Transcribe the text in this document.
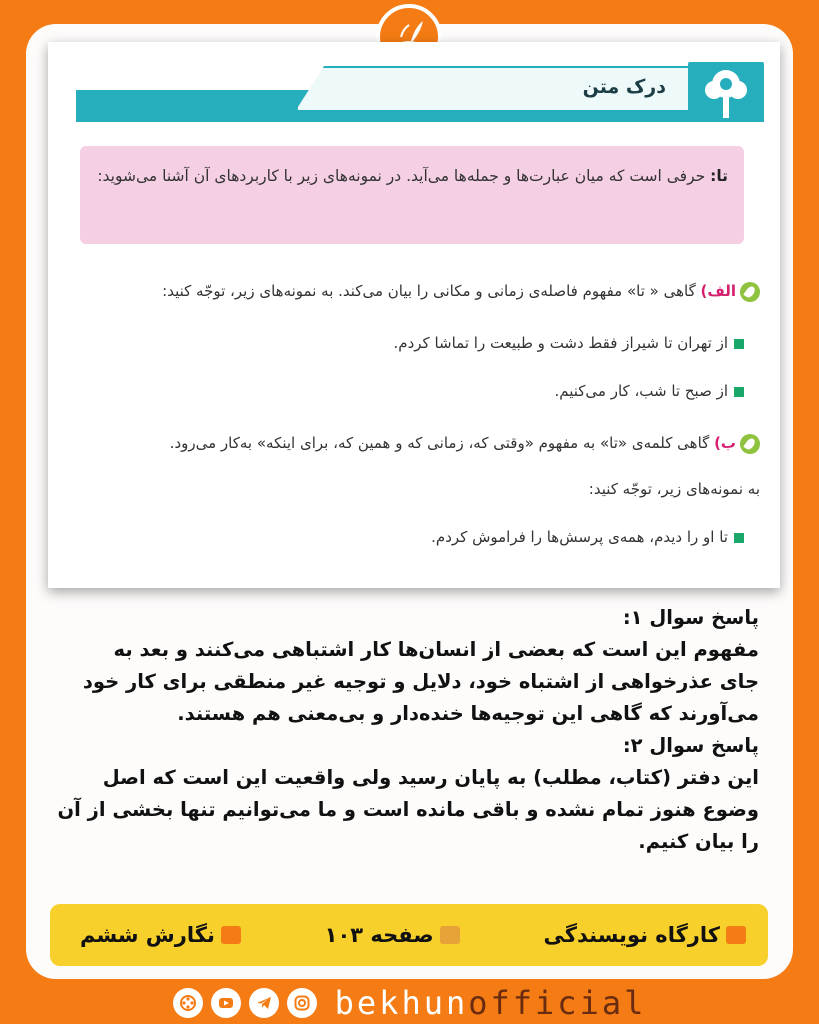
درک متن
تا: حرفی است که میان عبارت‌ها و جمله‌ها می‌آید. در نمونه‌های زیر با کاربردهای آن آشنا می‌شوید:
الف) گاهی « تا» مفهوم فاصله‌ی زمانی و مکانی را بیان می‌کند. به نمونه‌های زیر، توجّه کنید:
از تهران تا شیراز فقط دشت و طبیعت را تماشا کردم.
از صبح تا شب، کار می‌کنیم.
ب) گاهی کلمه‌ی «تا» به مفهوم «وقتی که، زمانی که و همین که، برای اینکه» به‌کار می‌رود.
به نمونه‌های زیر، توجّه کنید:
تا او را دیدم، همه‌ی پرسش‌ها را فراموش کردم.
پاسخ سوال ۱:
مفهوم این است که بعضی از انسان‌ها کار اشتباهی می‌کنند و بعد به
جای عذرخواهی از اشتباه خود، دلایل و توجیه غیر منطقی برای کار خود
می‌آورند که گاهی این توجیه‌ها خنده‌دار و بی‌معنی هم هستند.
پاسخ سوال ۲:
این دفتر (کتاب، مطلب) به پایان رسید ولی واقعیت این است که اصل
وضوع هنوز تمام نشده و باقی مانده است و ما می‌توانیم تنها بخشی از آن
را بیان کنیم.
کارگاه نویسندگی
صفحه ۱۰۳
نگارش ششم
bekhunofficial
